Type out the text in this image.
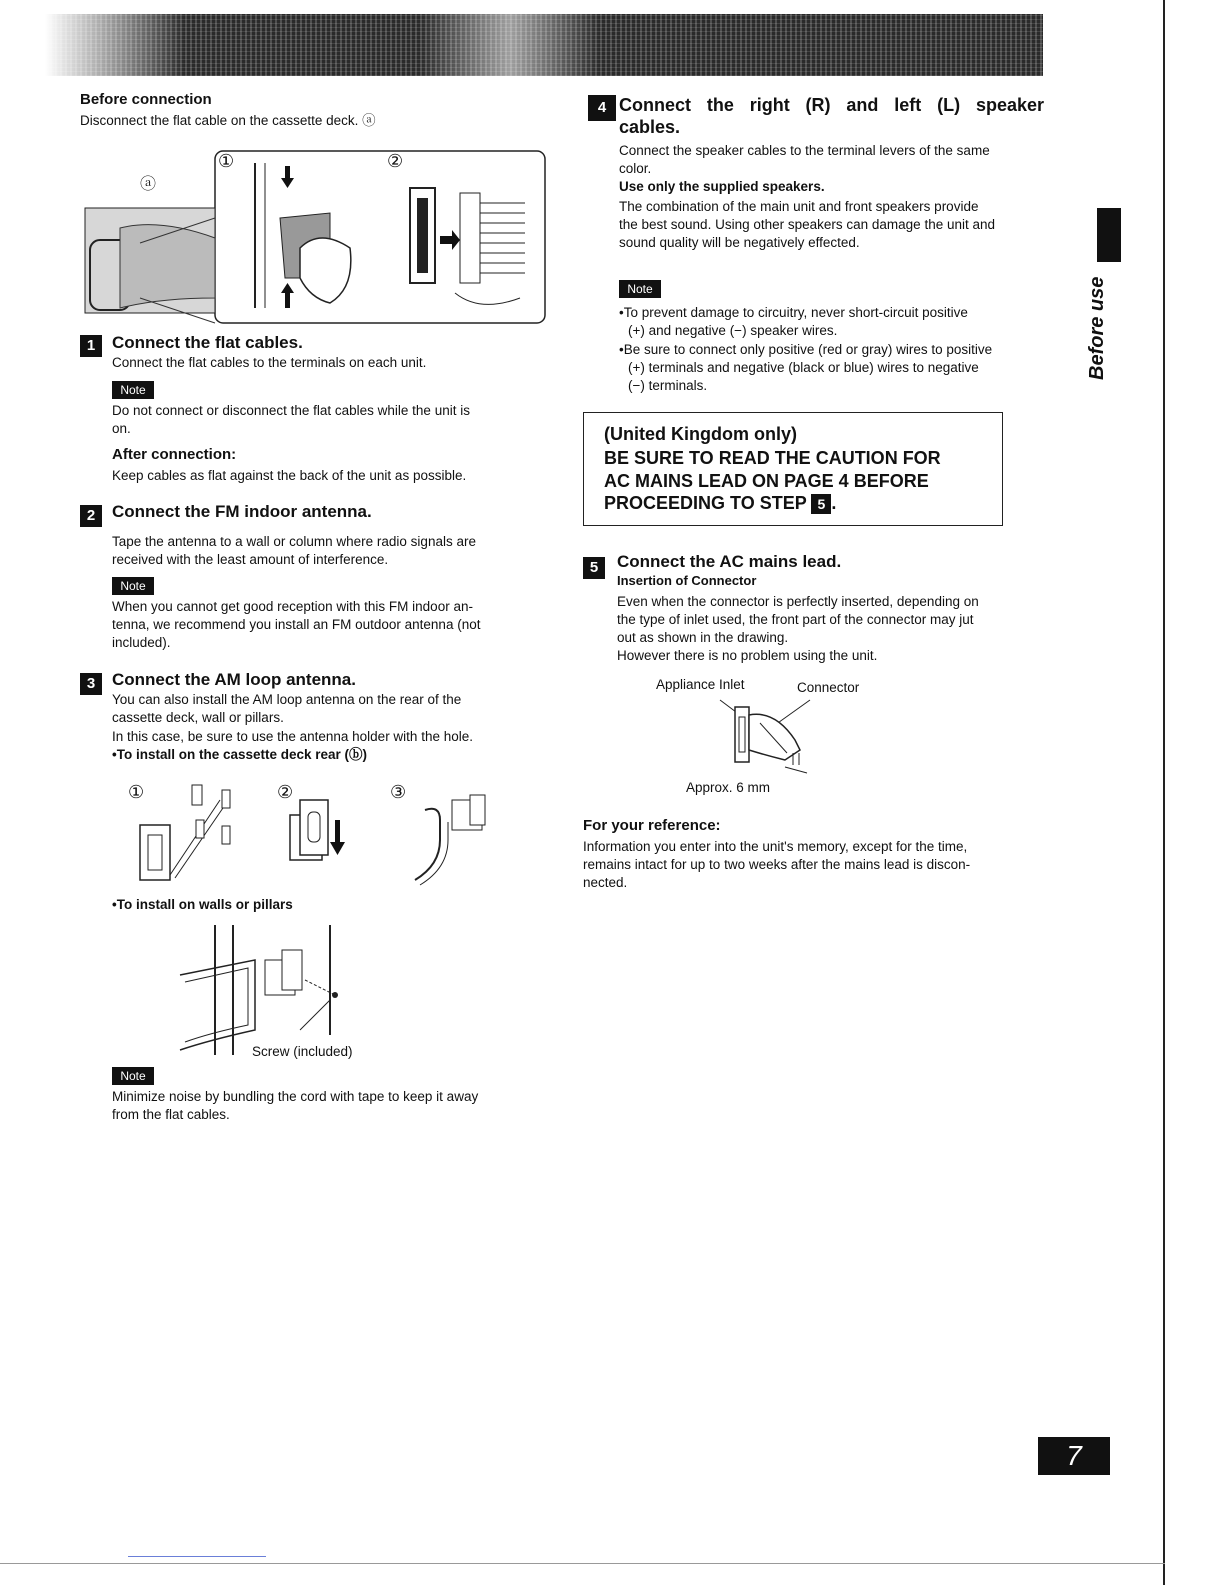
Before use
7
Before connection
Disconnect the flat cable on the cassette deck. ⓐ
ⓐ
①	②
1 Connect the flat cables.
Connect the flat cables to the terminals on each unit.
Note
Do not connect or disconnect the flat cables while the unit is
on.
After connection:
Keep cables as flat against the back of the unit as possible.
2 Connect the FM indoor antenna.
Tape the antenna to a wall or column where radio signals are
received with the least amount of interference.
Note
When you cannot get good reception with this FM indoor an-
tenna, we recommend you install an FM outdoor antenna (not
included).
3 Connect the AM loop antenna.
You can also install the AM loop antenna on the rear of the
cassette deck, wall or pillars.
In this case, be sure to use the antenna holder with the hole.
•To install on the cassette deck rear (ⓑ)
①	②	③
•To install on walls or pillars
Screw (included)
Note
Minimize noise by bundling the cord with tape to keep it away
from the flat cables.
4 Connect the right (R) and left (L) speaker
cables.
Connect the speaker cables to the terminal levers of the same
color.
Use only the supplied speakers.
The combination of the main unit and front speakers provide
the best sound. Using other speakers can damage the unit and
sound quality will be negatively effected.
Note
•To prevent damage to circuitry, never short-circuit positive
(+) and negative (−) speaker wires.
•Be sure to connect only positive (red or gray) wires to positive
(+) terminals and negative (black or blue) wires to negative
(−) terminals.
(United Kingdom only)
BE SURE TO READ THE CAUTION FOR
AC MAINS LEAD ON PAGE 4 BEFORE
PROCEEDING TO STEP 5 .
5	Connect the AC mains lead.
Insertion of Connector
Even when the connector is perfectly inserted, depending on
the type of inlet used, the front part of the connector may jut
out as shown in the drawing.
However there is no problem using the unit.
Appliance Inlet	Connector
Approx. 6 mm
For your reference:
Information you enter into the unit's memory, except for the time,
remains intact for up to two weeks after the mains lead is discon-
nected.
